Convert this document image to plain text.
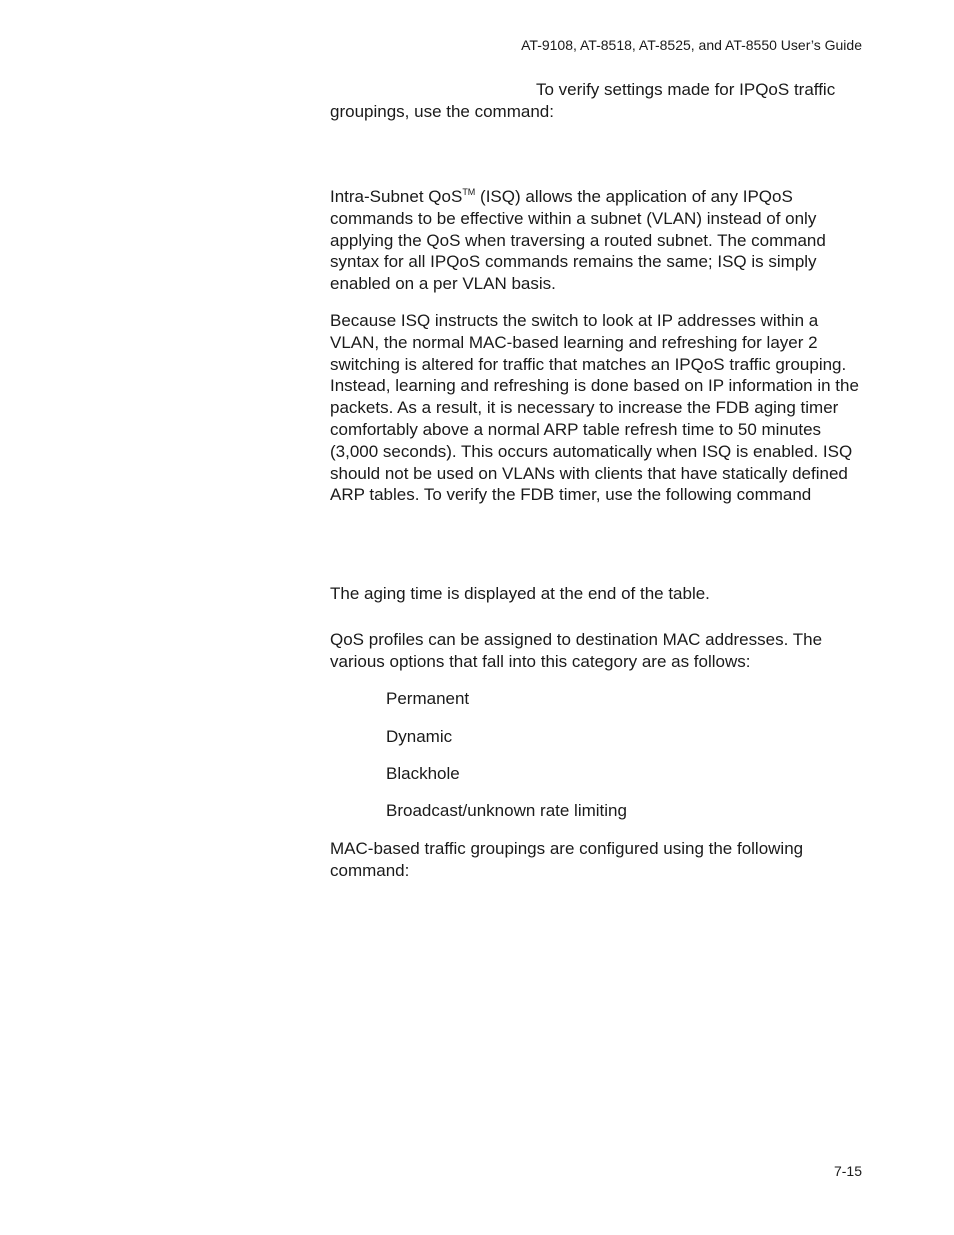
AT-9108, AT-8518, AT-8525, and AT-8550 User’s Guide
To verify settings made for IPQoS traffic groupings, use the command:
Intra-Subnet QoS™ (ISQ) allows the application of any IPQoS commands to be effective within a subnet (VLAN) instead of only applying the QoS when traversing a routed subnet. The command syntax for all IPQoS commands remains the same; ISQ is simply enabled on a per VLAN basis.
Because ISQ instructs the switch to look at IP addresses within a VLAN, the normal MAC-based learning and refreshing for layer 2 switching is altered for traffic that matches an IPQoS traffic grouping. Instead, learning and refreshing is done based on IP information in the packets. As a result, it is necessary to increase the FDB aging timer comfortably above a normal ARP table refresh time to 50 minutes (3,000 seconds). This occurs automatically when ISQ is enabled. ISQ should not be used on VLANs with clients that have statically defined ARP tables. To verify the FDB timer, use the following command
The aging time is displayed at the end of the table.
QoS profiles can be assigned to destination MAC addresses. The various options that fall into this category are as follows:
Permanent
Dynamic
Blackhole
Broadcast/unknown rate limiting
MAC-based traffic groupings are configured using the following command:
7-15
